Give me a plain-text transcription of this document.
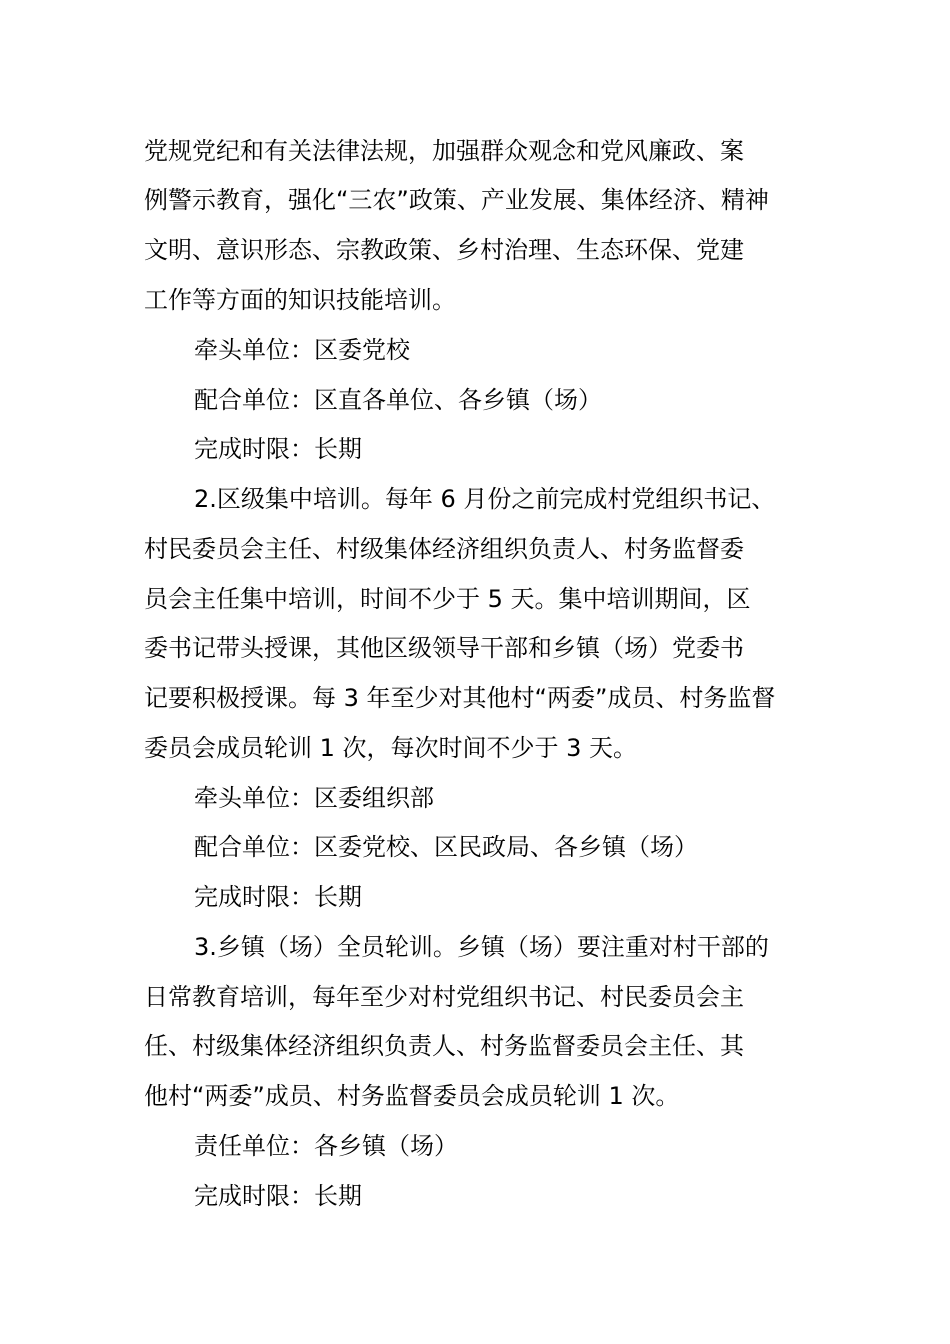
党规党纪和有关法律法规，加强群众观念和党风廉政、案
例警示教育，强化“三农”政策、产业发展、集体经济、精神
文明、意识形态、宗教政策、乡村治理、生态环保、党建
工作等方面的知识技能培训。
牵头单位：区委党校
配合单位：区直各单位、各乡镇（场）
完成时限：长期
2.区级集中培训。每年 6 月份之前完成村党组织书记、
村民委员会主任、村级集体经济组织负责人、村务监督委
员会主任集中培训，时间不少于 5 天。集中培训期间，区
委书记带头授课，其他区级领导干部和乡镇（场）党委书
记要积极授课。每 3 年至少对其他村“两委”成员、村务监督
委员会成员轮训 1 次，每次时间不少于 3 天。
牵头单位：区委组织部
配合单位：区委党校、区民政局、各乡镇（场）
完成时限：长期
3.乡镇（场）全员轮训。乡镇（场）要注重对村干部的
日常教育培训，每年至少对村党组织书记、村民委员会主
任、村级集体经济组织负责人、村务监督委员会主任、其
他村“两委”成员、村务监督委员会成员轮训 1 次。
责任单位：各乡镇（场）
完成时限：长期
